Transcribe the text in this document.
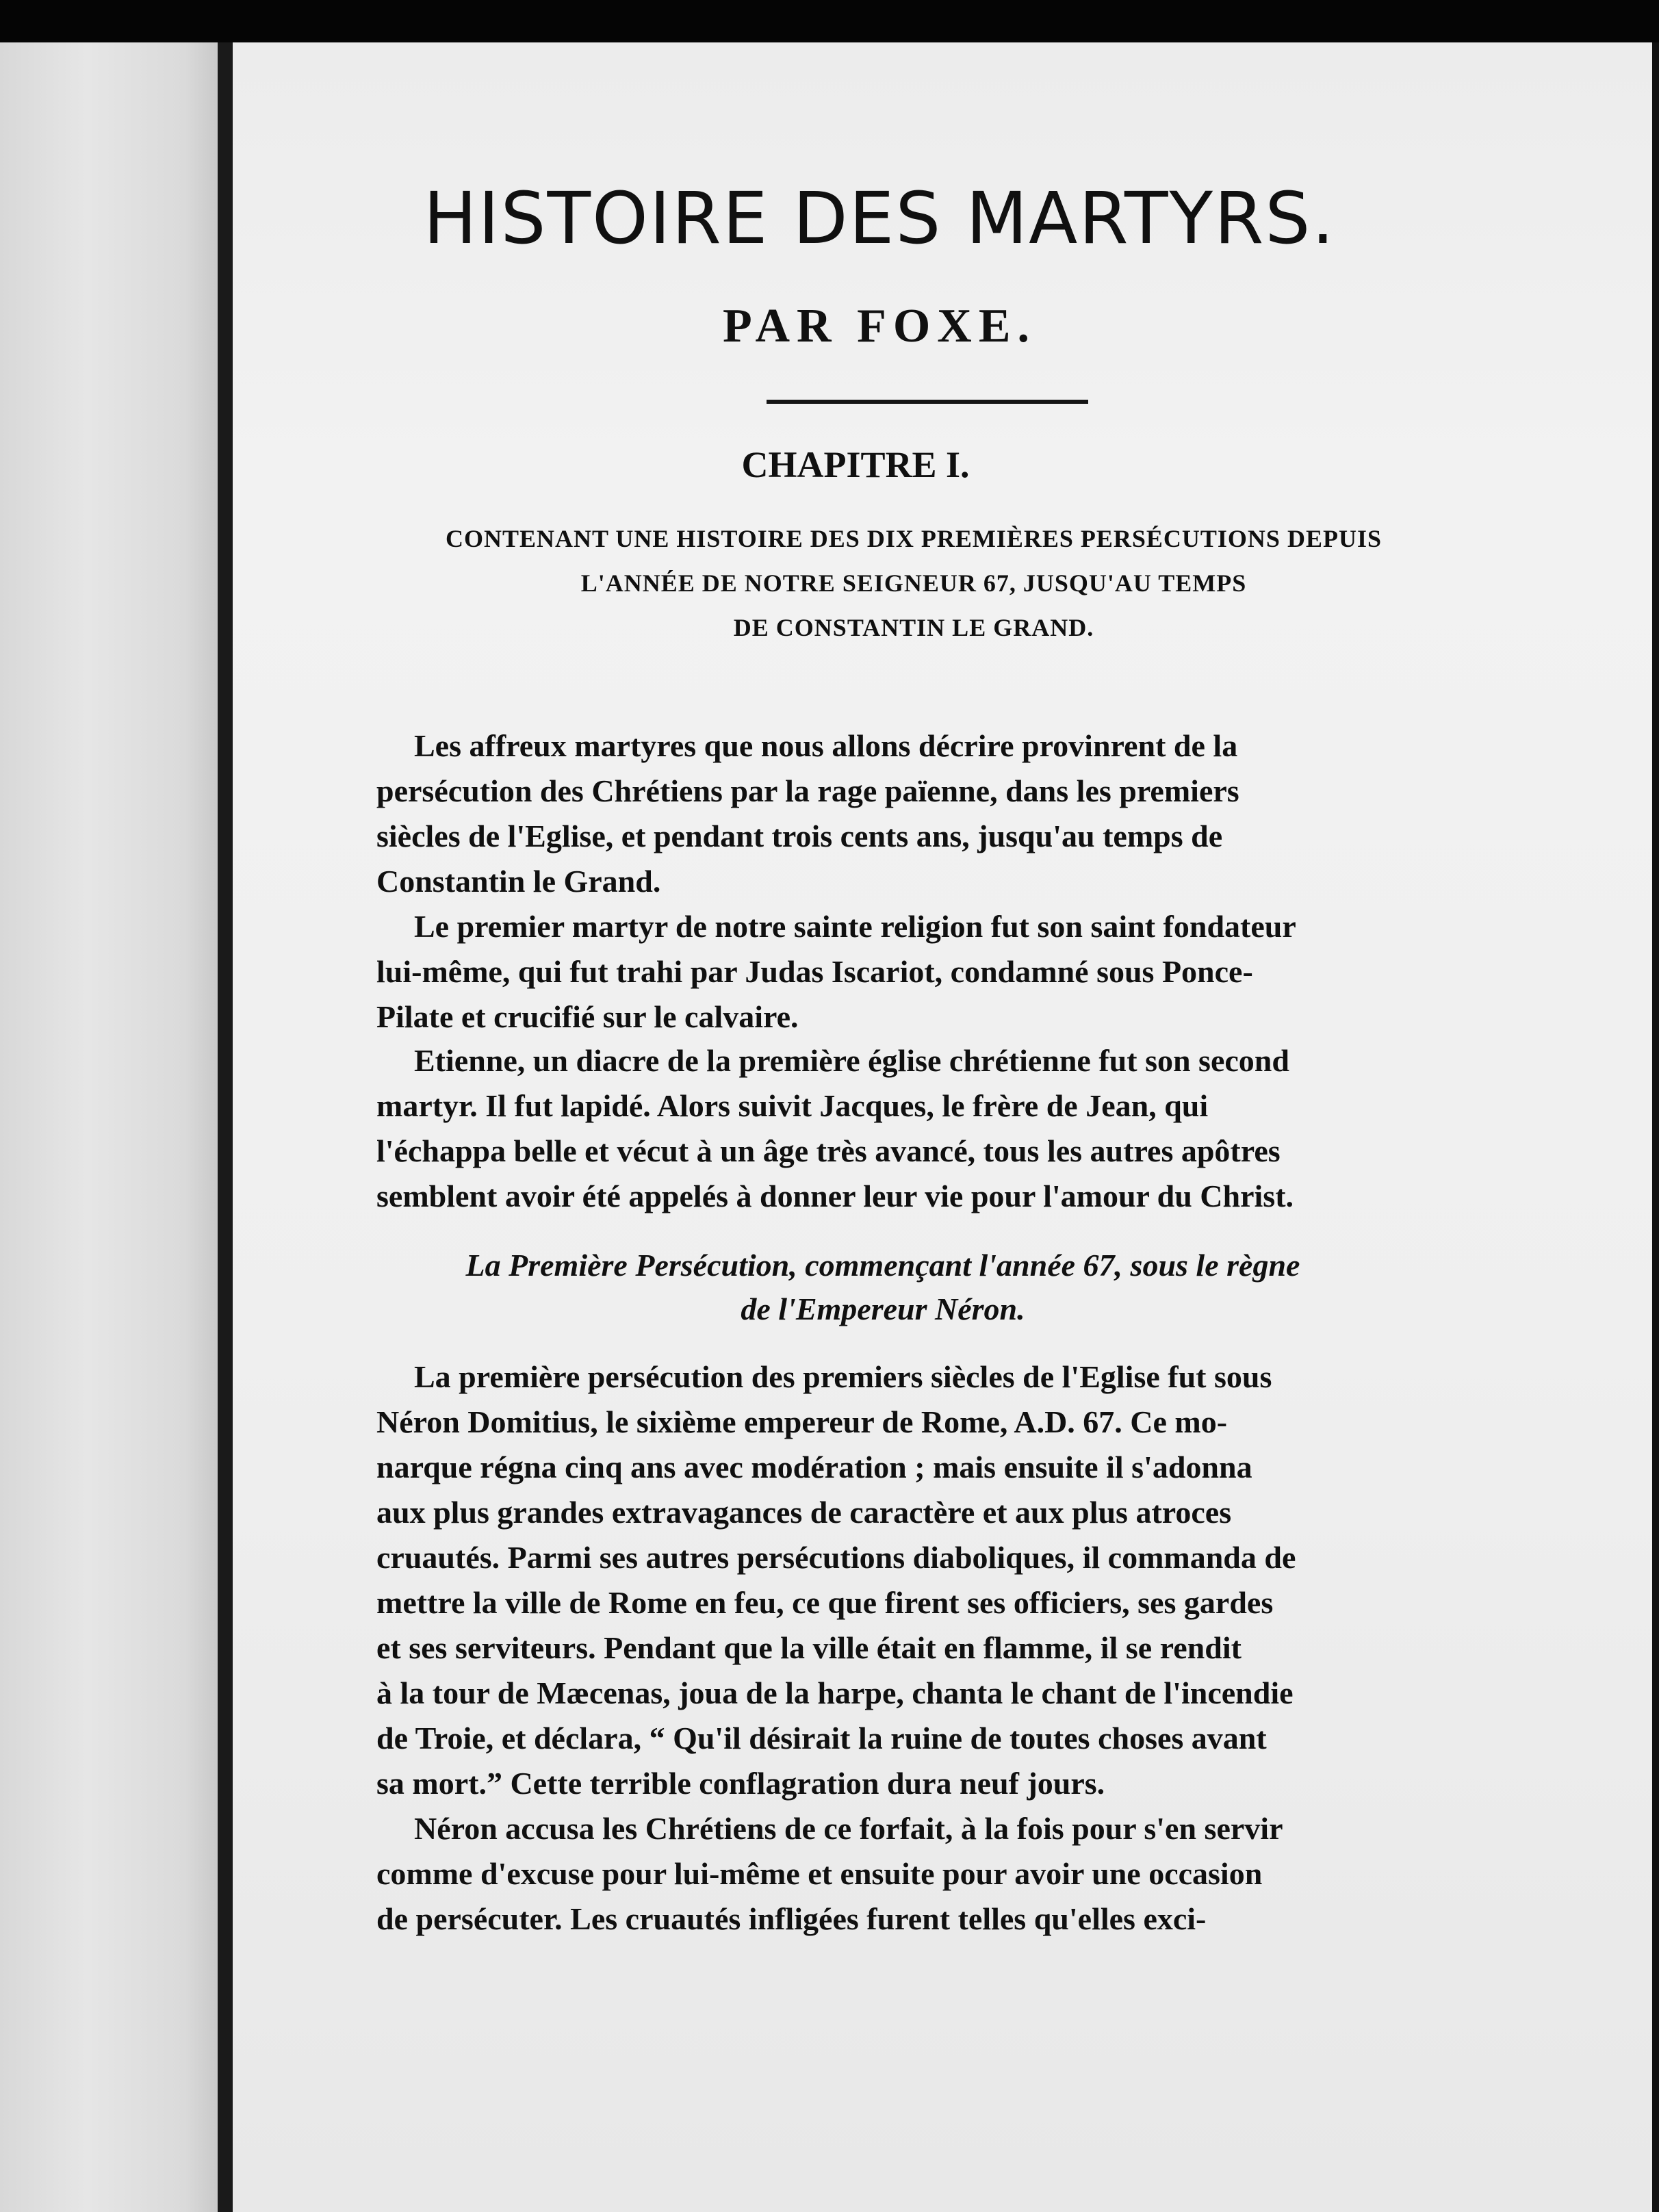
HISTOIRE DES MARTYRS.
PAR FOXE.
CHAPITRE I.

CONTENANT UNE HISTOIRE DES DIX PREMIÈRES PERSÉCUTIONS DEPUIS
L'ANNÉE DE NOTRE SEIGNEUR 67, JUSQU'AU TEMPS
DE CONSTANTIN LE GRAND.

Les affreux martyres que nous allons décrire provinrent de la
persécution des Chrétiens par la rage païenne, dans les premiers
siècles de l'Eglise, et pendant trois cents ans, jusqu'au temps de
Constantin le Grand.

Le premier martyr de notre sainte religion fut son saint fondateur
lui-même, qui fut trahi par Judas Iscariot, condamné sous Ponce-
Pilate et crucifié sur le calvaire.

Etienne, un diacre de la première église chrétienne fut son second
martyr. Il fut lapidé. Alors suivit Jacques, le frère de Jean, qui
l'échappa belle et vécut à un âge très avancé, tous les autres apôtres
semblent avoir été appelés à donner leur vie pour l'amour du Christ.

La Première Persécution, commençant l'année 67, sous le règne
de l'Empereur Néron.

La première persécution des premiers siècles de l'Eglise fut sous
Néron Domitius, le sixième empereur de Rome, A.D. 67. Ce mo-
narque régna cinq ans avec modération ; mais ensuite il s'adonna
aux plus grandes extravagances de caractère et aux plus atroces
cruautés. Parmi ses autres persécutions diaboliques, il commanda de
mettre la ville de Rome en feu, ce que firent ses officiers, ses gardes
et ses serviteurs. Pendant que la ville était en flamme, il se rendit
à la tour de Mæcenas, joua de la harpe, chanta le chant de l'incendie
de Troie, et déclara, “ Qu'il désirait la ruine de toutes choses avant
sa mort.” Cette terrible conflagration dura neuf jours.

Néron accusa les Chrétiens de ce forfait, à la fois pour s'en servir
comme d'excuse pour lui-même et ensuite pour avoir une occasion
de persécuter. Les cruautés infligées furent telles qu'elles exci-
